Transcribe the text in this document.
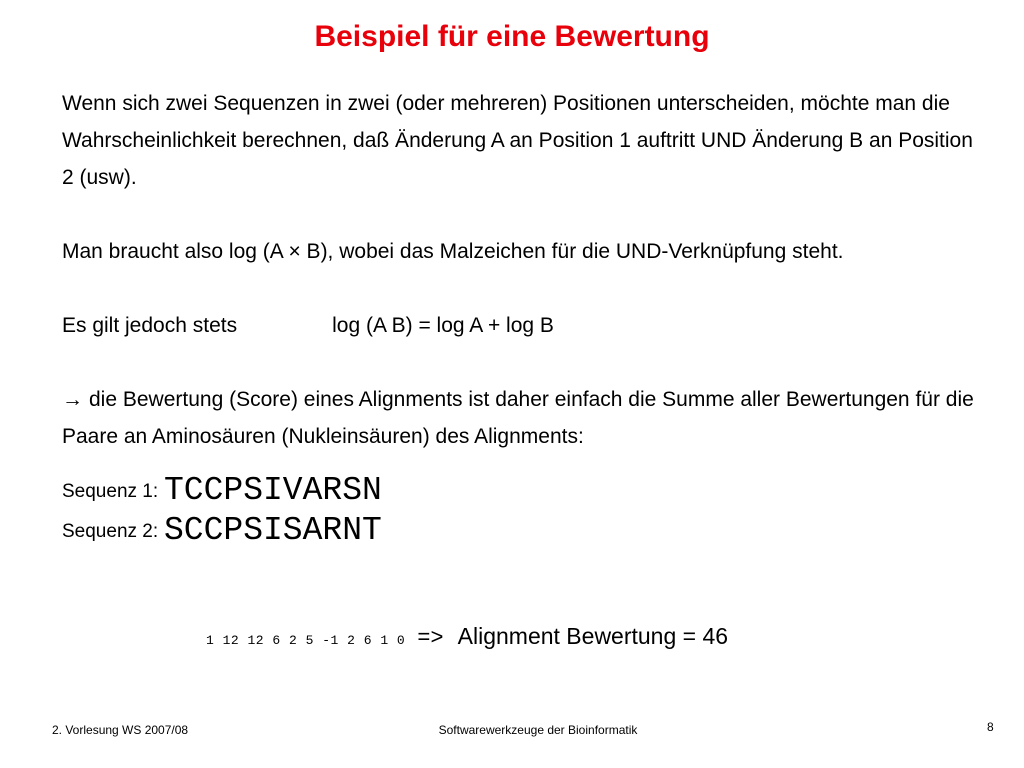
Beispiel für eine Bewertung

Wenn sich zwei Sequenzen in zwei (oder mehreren) Positionen unterscheiden, möchte man die Wahrscheinlichkeit berechnen, daß Änderung A an Position 1 auftritt UND Änderung B an Position 2 (usw).

Man braucht also log (A × B), wobei das Malzeichen für die UND-Verknüpfung steht.

Es gilt jedoch stets	log (A B) = log A + log B

→ die Bewertung (Score) eines Alignments ist daher einfach die Summe aller Bewertungen für die Paare an Aminosäuren (Nukleinsäuren) des Alignments:

Sequenz 1: TCCPSIVARSN
Sequenz 2: SCCPSISARNT
1 12 12 6 2 5 -1 2 6 1 0 => Alignment Bewertung = 46
2. Vorlesung WS 2007/08	Softwarewerkzeuge der Bioinformatik	8
